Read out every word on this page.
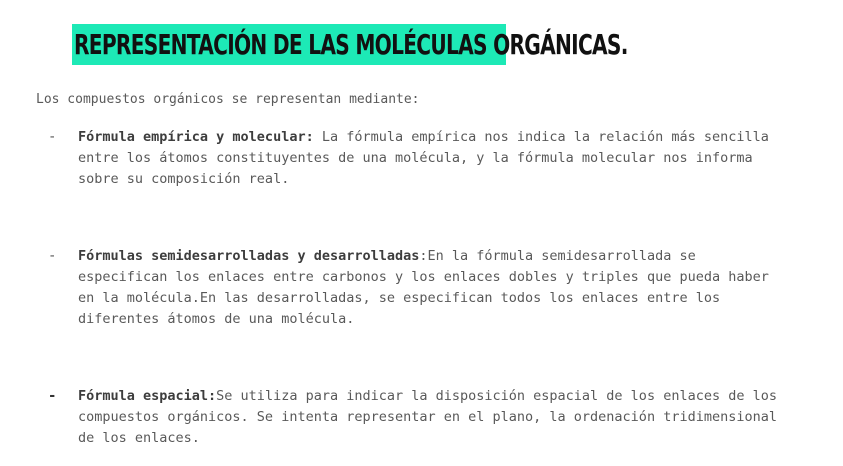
REPRESENTACIÓN DE LAS MOLÉCULAS ORGÁNICAS.
Los compuestos orgánicos se representan mediante:
- Fórmula empírica y molecular: La fórmula empírica nos indica la relación más sencilla entre los átomos constituyentes de una molécula, y la fórmula molecular nos informa sobre su composición real.
- Fórmulas semidesarrolladas y desarrolladas:En la fórmula semidesarrollada se especifican los enlaces entre carbonos y los enlaces dobles y triples que pueda haber en la molécula.En las desarrolladas, se especifican todos los enlaces entre los diferentes átomos de una molécula.
- Fórmula espacial:Se utiliza para indicar la disposición espacial de los enlaces de los compuestos orgánicos. Se intenta representar en el plano, la ordenación tridimensional de los enlaces.
